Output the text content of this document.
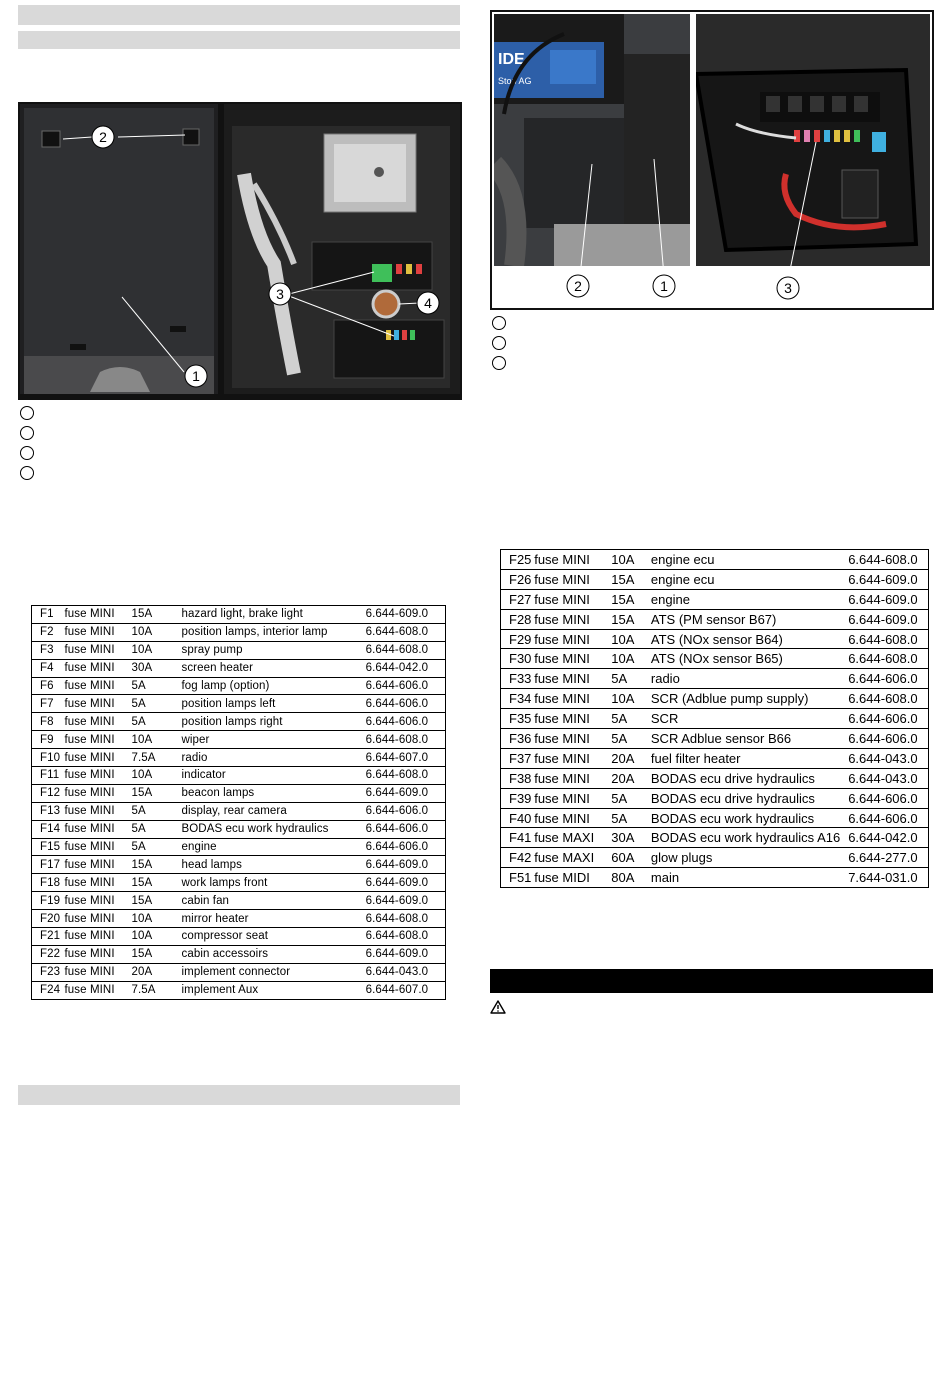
2
1
3
4
F1	fuse MINI	15A	hazard light, brake light	6.644-609.0
F2	fuse MINI	10A	position lamps, interior lamp	6.644-608.0
F3	fuse MINI	10A	spray pump	6.644-608.0
F4	fuse MINI	30A	screen heater	6.644-042.0
F6	fuse MINI	5A	fog lamp (option)	6.644-606.0
F7	fuse MINI	5A	position lamps left	6.644-606.0
F8	fuse MINI	5A	position lamps right	6.644-606.0
F9	fuse MINI	10A	wiper	6.644-608.0
F10	fuse MINI	7.5A	radio	6.644-607.0
F11	fuse MINI	10A	indicator	6.644-608.0
F12	fuse MINI	15A	beacon lamps	6.644-609.0
F13	fuse MINI	5A	display, rear camera	6.644-606.0
F14	fuse MINI	5A	BODAS ecu work hydraulics	6.644-606.0
F15	fuse MINI	5A	engine	6.644-606.0
F17	fuse MINI	15A	head lamps	6.644-609.0
F18	fuse MINI	15A	work lamps front	6.644-609.0
F19	fuse MINI	15A	cabin fan	6.644-609.0
F20	fuse MINI	10A	mirror heater	6.644-608.0
F21	fuse MINI	10A	compressor seat	6.644-608.0
F22	fuse MINI	15A	cabin accessoirs	6.644-609.0
F23	fuse MINI	20A	implement connector	6.644-043.0
F24	fuse MINI	7.5A	implement Aux	6.644-607.0
IDE
Stop AG
2	1	3
F25	fuse MINI	10A	engine ecu	6.644-608.0
F26	fuse MINI	15A	engine ecu	6.644-609.0
F27	fuse MINI	15A	engine	6.644-609.0
F28	fuse MINI	15A	ATS (PM sensor B67)	6.644-609.0
F29	fuse MINI	10A	ATS (NOx sensor B64)	6.644-608.0
F30	fuse MINI	10A	ATS (NOx sensor B65)	6.644-608.0
F33	fuse MINI	5A	radio	6.644-606.0
F34	fuse MINI	10A	SCR (Adblue pump supply)	6.644-608.0
F35	fuse MINI	5A	SCR	6.644-606.0
F36	fuse MINI	5A	SCR Adblue sensor B66	6.644-606.0
F37	fuse MINI	20A	fuel filter heater	6.644-043.0
F38	fuse MINI	20A	BODAS ecu drive hydraulics	6.644-043.0
F39	fuse MINI	5A	BODAS ecu drive hydraulics	6.644-606.0
F40	fuse MINI	5A	BODAS ecu work hydraulics	6.644-606.0
F41	fuse MAXI	30A	BODAS ecu work hydraulics A16	6.644-042.0
F42	fuse MAXI	60A	glow plugs	6.644-277.0
F51	fuse MIDI	80A	main	7.644-031.0
